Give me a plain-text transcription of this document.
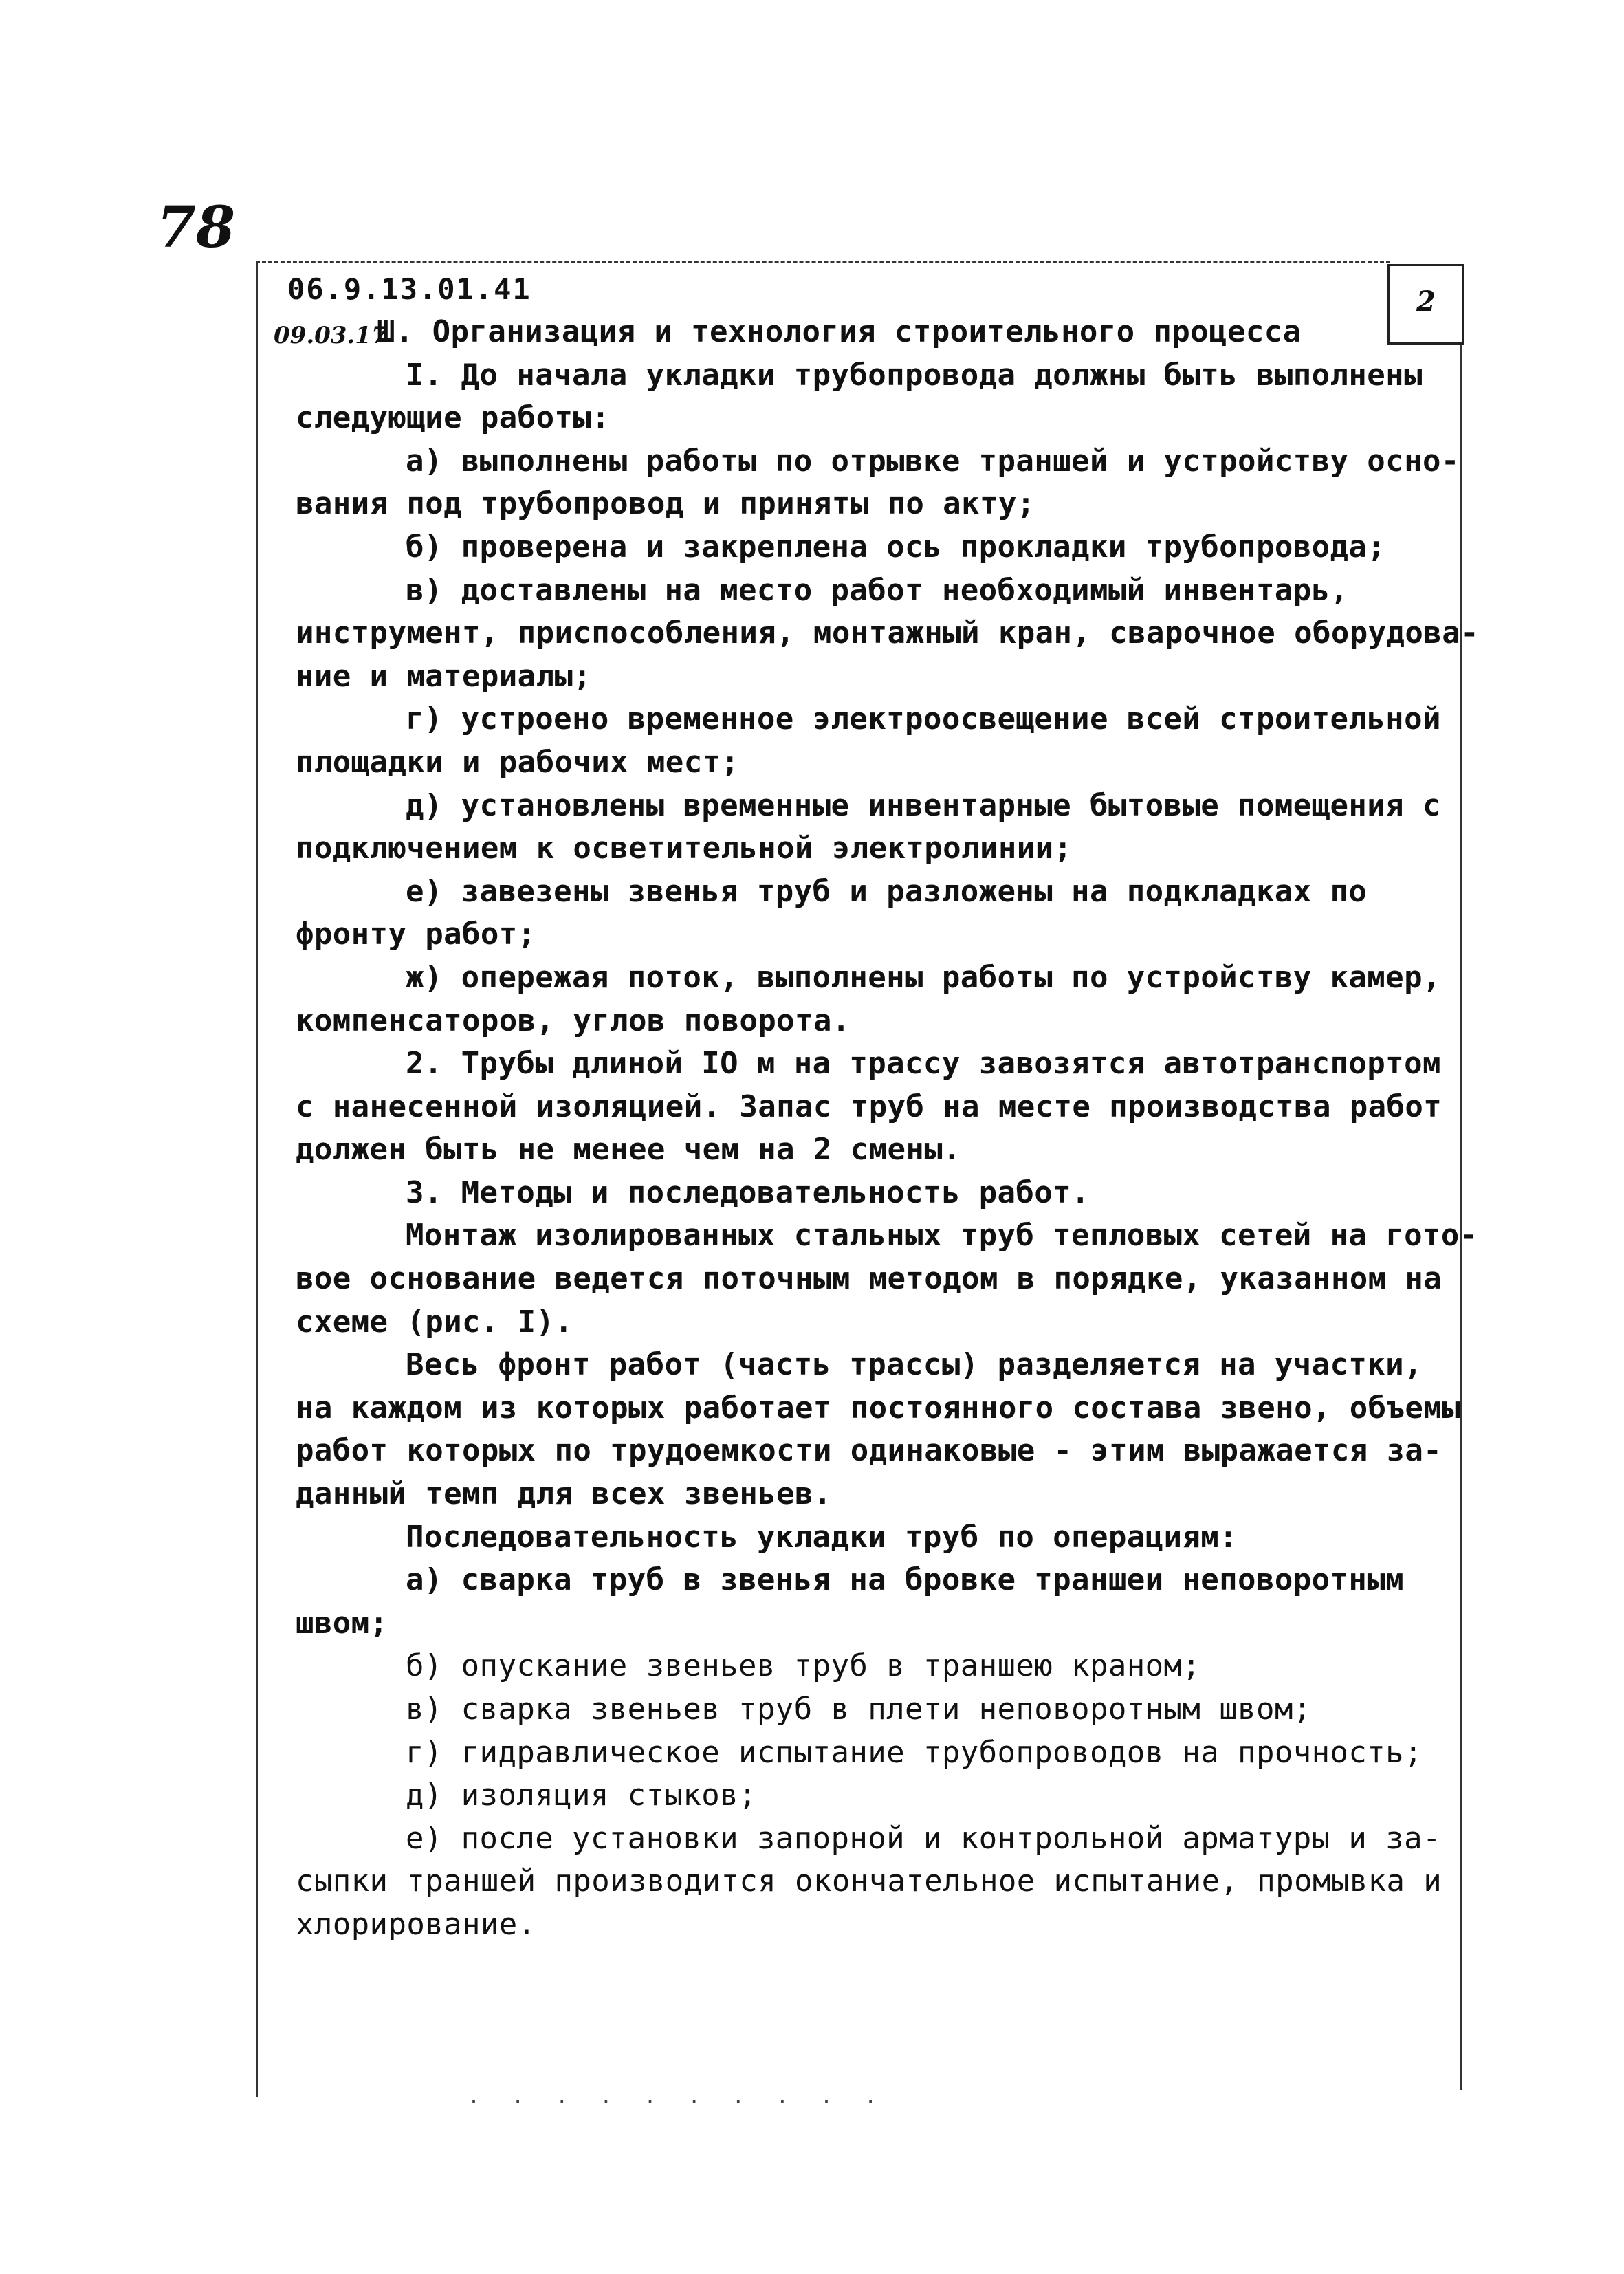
78
2
06.9.13.01.41
09.03.17
Ш. Организация и технология строительного процесса
I. До начала укладки трубопровода должны быть выполнены
следующие работы:
а) выполнены работы по отрывке траншей и устройству осно-
вания под трубопровод и приняты по акту;
б) проверена и закреплена ось прокладки трубопровода;
в) доставлены на место работ необходимый инвентарь,
инструмент, приспособления, монтажный кран, сварочное оборудова-
ние и материалы;
г) устроено временное электроосвещение всей строительной
площадки и рабочих мест;
д) установлены временные инвентарные бытовые помещения с
подключением к осветительной электролинии;
е) завезены звенья труб и разложены на подкладках по
фронту работ;
ж) опережая поток, выполнены работы по устройству камер,
компенсаторов, углов поворота.
2. Трубы длиной IO м на трассу завозятся автотранспортом
с нанесенной изоляцией. Запас труб на месте производства работ
должен быть не менее чем на 2 смены.
3. Методы и последовательность работ.
Монтаж изолированных стальных труб тепловых сетей на гото-
вое основание ведется поточным методом в порядке, указанном на
схеме (рис. I).
Весь фронт работ (часть трассы) разделяется на участки,
на каждом из которых работает постоянного состава звено, объемы
работ которых по трудоемкости одинаковые - этим выражается за-
данный темп для всех звеньев.
Последовательность укладки труб по операциям:
а) сварка труб в звенья на бровке траншеи неповоротным
швом;
б) опускание звеньев труб в траншею краном;
в) сварка звеньев труб в плети неповоротным швом;
г) гидравлическое испытание трубопроводов на прочность;
д) изоляция стыков;
е) после установки запорной и контрольной арматуры и за-
сыпки траншей производится окончательное испытание, промывка и
хлорирование.
· · · · · · · · · ·
